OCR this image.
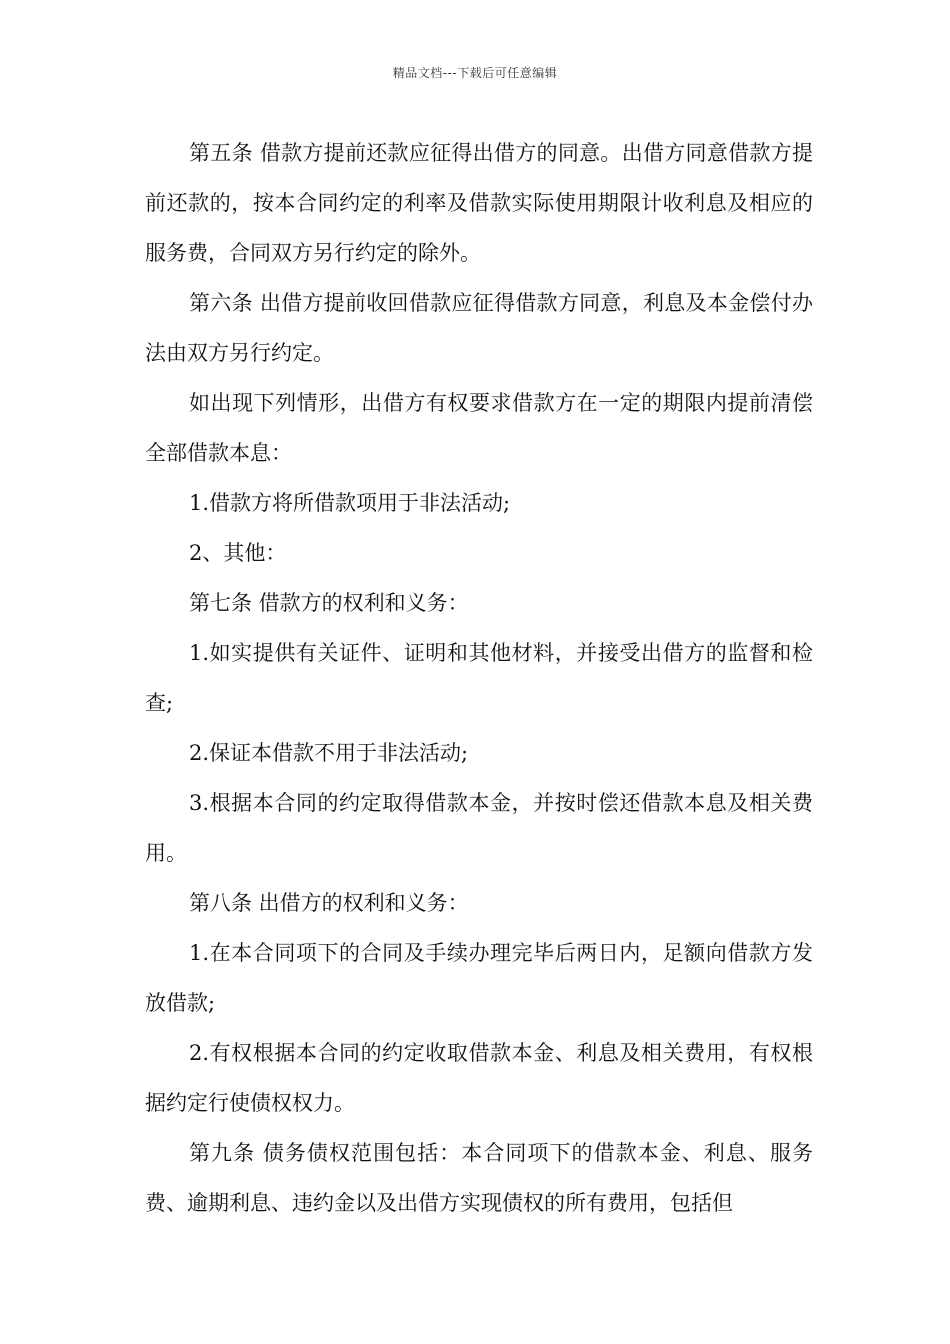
精品文档---下载后可任意编辑

第五条 借款方提前还款应征得出借方的同意。出借方同意借款方提前还款的，按本合同约定的利率及借款实际使用期限计收利息及相应的服务费，合同双方另行约定的除外。

第六条 出借方提前收回借款应征得借款方同意，利息及本金偿付办法由双方另行约定。

如出现下列情形，出借方有权要求借款方在一定的期限内提前清偿全部借款本息：

1.借款方将所借款项用于非法活动;

2、其他：

第七条 借款方的权利和义务：

1.如实提供有关证件、证明和其他材料，并接受出借方的监督和检查;

2.保证本借款不用于非法活动;

3.根据本合同的约定取得借款本金，并按时偿还借款本息及相关费用。

第八条 出借方的权利和义务：

1.在本合同项下的合同及手续办理完毕后两日内，足额向借款方发放借款;

2.有权根据本合同的约定收取借款本金、利息及相关费用，有权根据约定行使债权权力。

第九条 债务债权范围包括：本合同项下的借款本金、利息、服务费、逾期利息、违约金以及出借方实现债权的所有费用，包括但
